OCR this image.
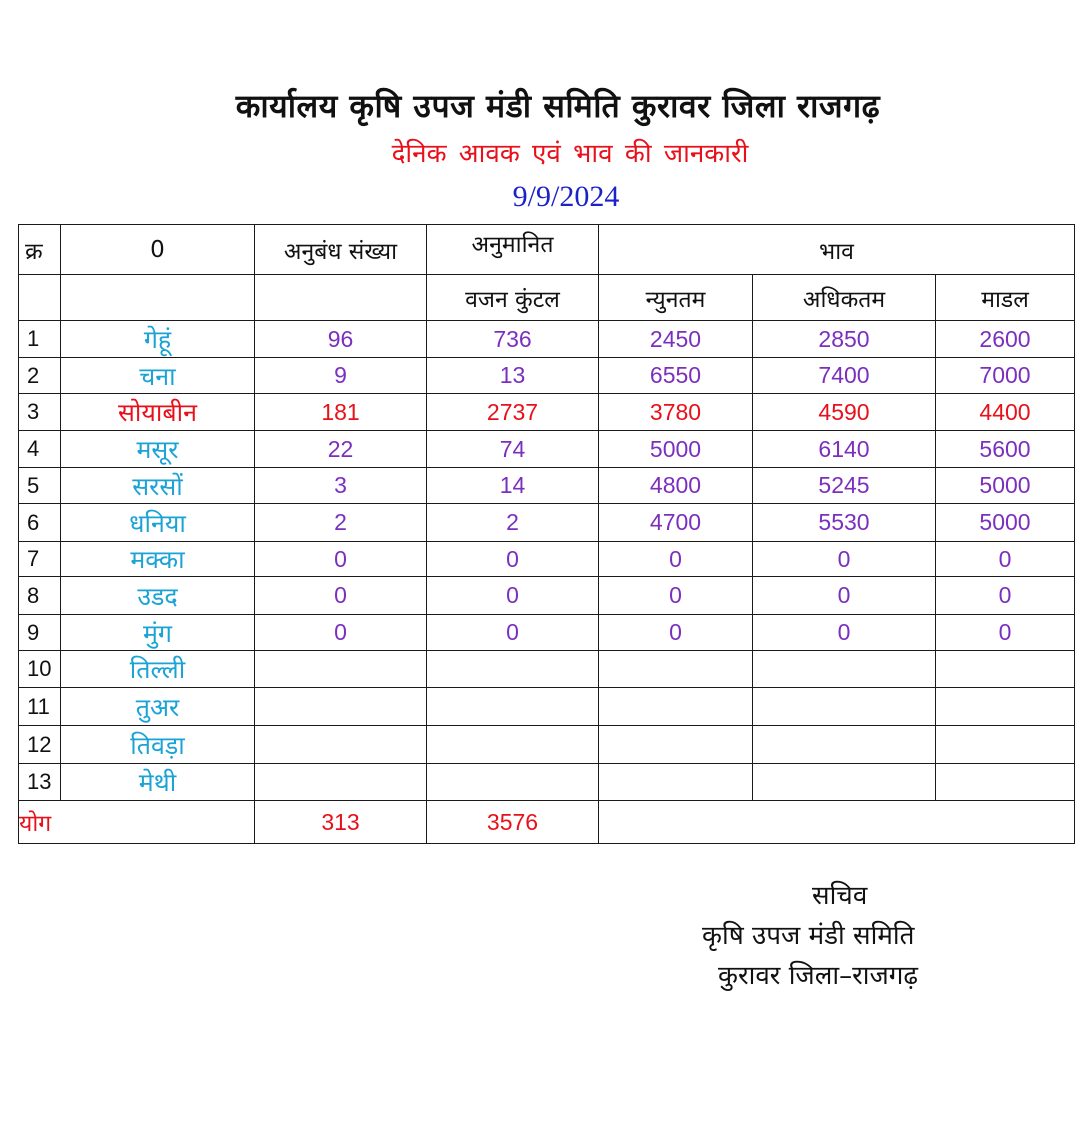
कार्यालय कृषि उपज मंडी समिति कुरावर जिला राजगढ़
देनिक आवक एवं भाव की जानकारी
9/9/2024
क्र	0	अनुबंध संख्या	अनुमानित	भाव		
			वजन कुंटल	न्युनतम	अधिकतम	माडल
1	गेहूं	96	736	2450	2850	2600
2	चना	9	13	6550	7400	7000
3	सोयाबीन	181	2737	3780	4590	4400
4	मसूर	22	74	5000	6140	5600
5	सरसों	3	14	4800	5245	5000
6	धनिया	2	2	4700	5530	5000
7	मक्का	0	0	0	0	0
8	उडद	0	0	0	0	0
9	मुंग	0	0	0	0	0
10	तिल्ली					
11	तुअर					
12	तिवड़ा					
13	मेथी					
योग		313	3576			
सचिव
कृषि उपज मंडी समिति
कुरावर जिला–राजगढ़
